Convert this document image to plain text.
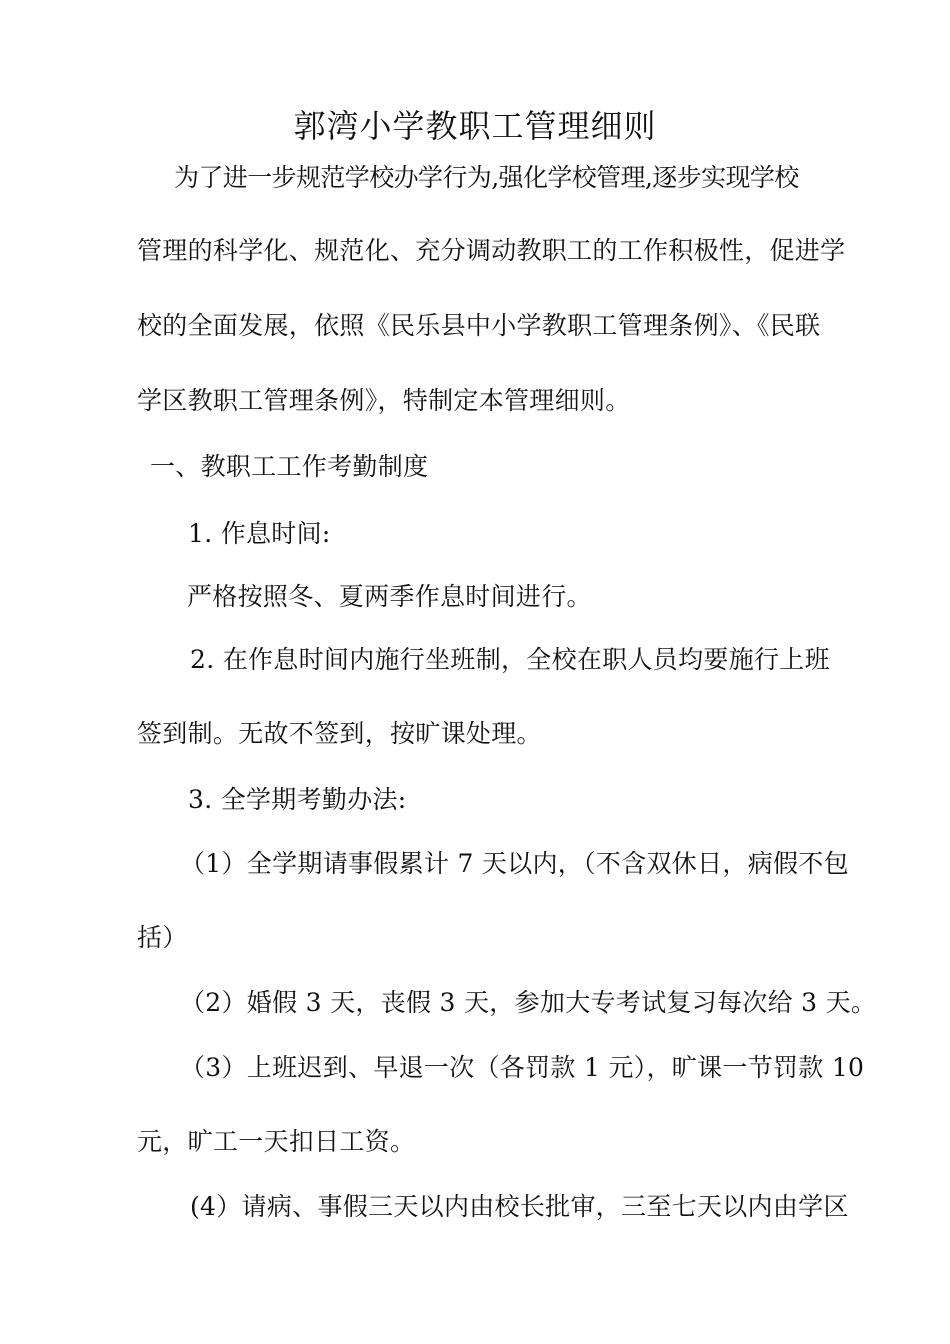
郭湾小学教职工管理细则
为了进一步规范学校办学行为,强化学校管理,逐步实现学校
管理的科学化、规范化、充分调动教职工的工作积极性，促进学
校的全面发展，依照《民乐县中小学教职工管理条例》、《民联
学区教职工管理条例》，特制定本管理细则。
一、教职工工作考勤制度
1. 作息时间:
严格按照冬、夏两季作息时间进行。
2. 在作息时间内施行坐班制，全校在职人员均要施行上班
签到制。无故不签到，按旷课处理。
3. 全学期考勤办法:
（1）全学期请事假累计 7 天以内，（不含双休日，病假不包
括）
（2）婚假 3 天，丧假 3 天，参加大专考试复习每次给 3 天。
（3）上班迟到、早退一次（各罚款 1 元），旷课一节罚款 10
元，旷工一天扣日工资。
(4）请病、事假三天以内由校长批审，三至七天以内由学区
